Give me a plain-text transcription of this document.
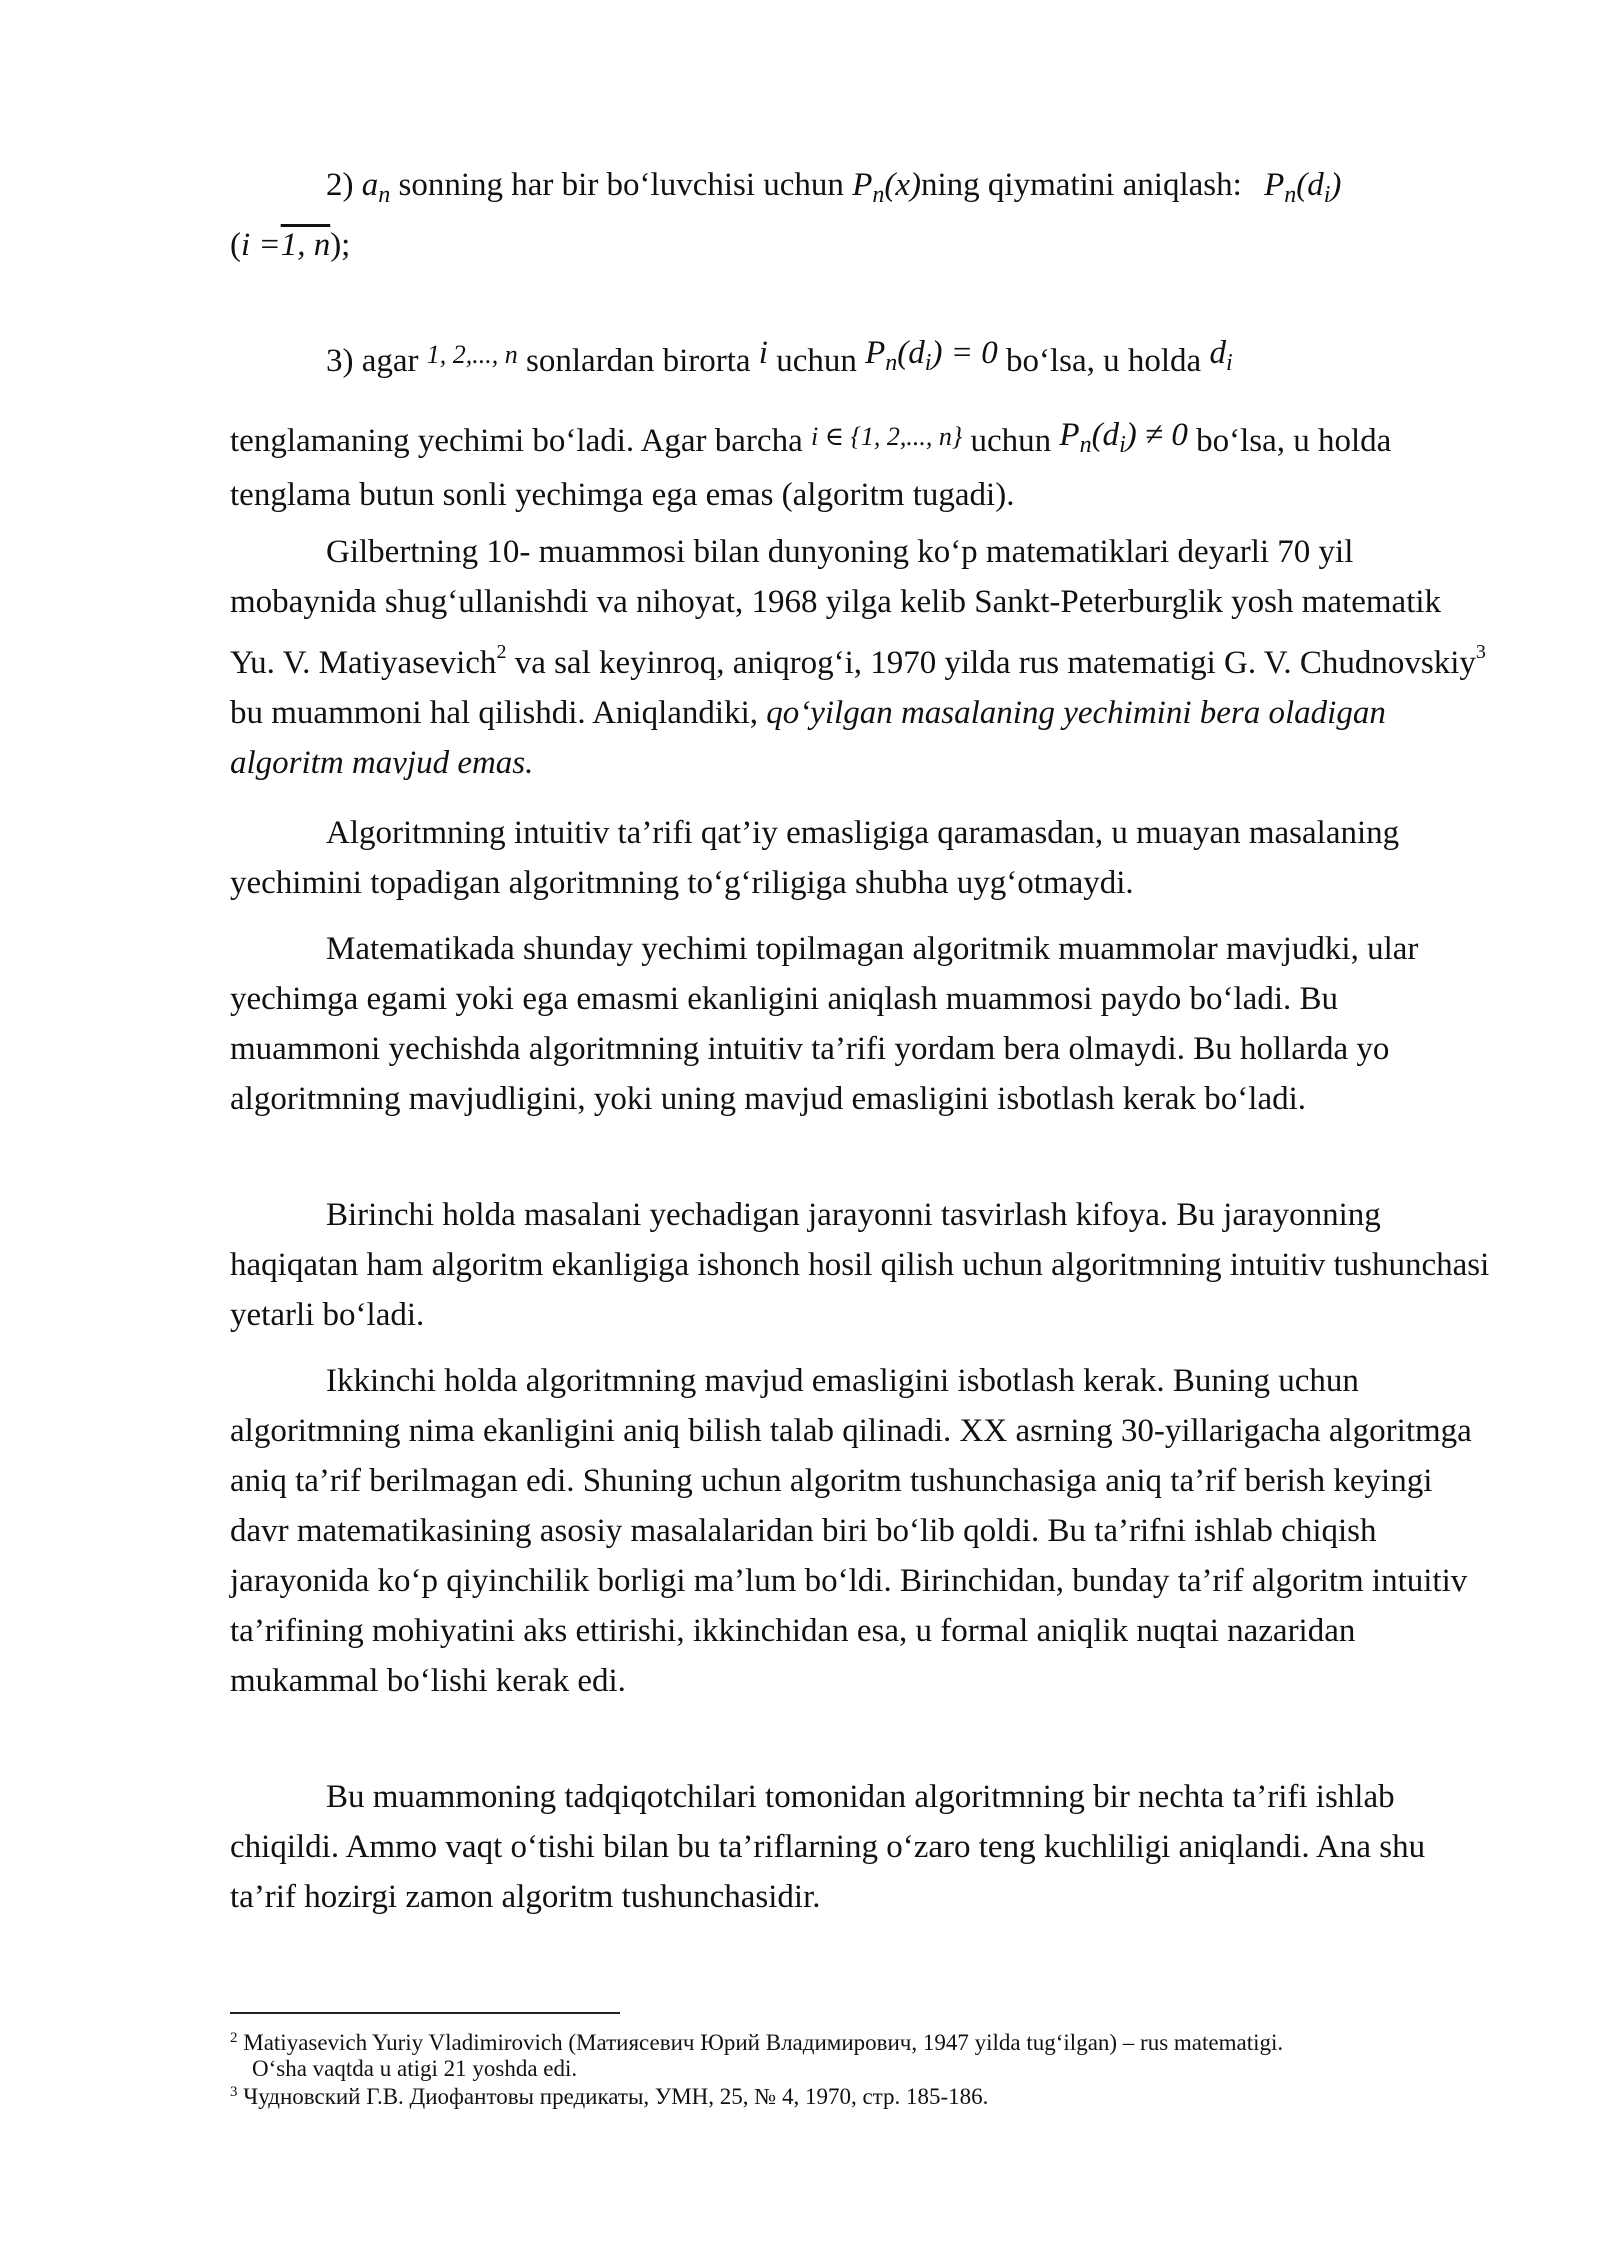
2) $a_n$ sonning har bir bo‘luvchisi uchun $P_n(x)ning$ qiymatini aniqlash: $P_n(d_i)$
(i =1, n);
3) agar $^{1, 2,..., n}$ sonlardan birorta i uchun $P_n(d_i) = 0$ bo‘lsa, u holda $d_i$
tenglamaning yechimi bo‘ladi. Agar barcha i ∈ {1, 2,..., n} uchun $P_n(d_i) \ne 0$ bo‘lsa, u holda tenglama butun sonli yechimga ega emas (algoritm tugadi).
Gilbertning 10- muammosi bilan dunyoning ko‘p matematiklari deyarli 70 yil mobaynida shug‘ullanishdi va nihoyat, 1968 yilga kelib Sankt-Peterburglik yosh matematik Yu. V. Matiyasevich$^2$ va sal keyinroq, aniqrog‘i, 1970 yilda rus matematigi G. V. Chudnovskiy$^3$ bu muammoni hal qilishdi. Aniqlandiki, qo‘yilgan masalaning yechimini bera oladigan algoritm mavjud emas.
Algoritmning intuitiv ta’rifi qat’iy emasligiga qaramasdan, u muayan masalaning yechimini topadigan algoritmning to‘g‘riligiga shubha uyg‘otmaydi.
Matematikada shunday yechimi topilmagan algoritmik muammolar mavjudki, ular yechimga egami yoki ega emasmi ekanligini aniqlash muammosi paydo bo‘ladi. Bu muammoni yechishda algoritmning intuitiv ta’rifi yordam bera olmaydi. Bu hollarda yo algoritmning mavjudligini, yoki uning mavjud emasligini isbotlash kerak bo‘ladi.
Birinchi holda masalani yechadigan jarayonni tasvirlash kifoya. Bu jarayonning haqiqatan ham algoritm ekanligiga ishonch hosil qilish uchun algoritmning intuitiv tushunchasi yetarli bo‘ladi.
Ikkinchi holda algoritmning mavjud emasligini isbotlash kerak. Buning uchun algoritmning nima ekanligini aniq bilish talab qilinadi. XX asrning 30-yillarigacha algoritmga aniq ta’rif berilmagan edi. Shuning uchun algoritm tushunchasiga aniq ta’rif berish keyingi davr matematikasining asosiy masalalaridan biri bo‘lib qoldi. Bu ta’rifni ishlab chiqish jarayonida ko‘p qiyinchilik borligi ma’lum bo‘ldi. Birinchidan, bunday ta’rif algoritm intuitiv ta’rifining mohiyatini aks ettirishi, ikkinchidan esa, u formal aniqlik nuqtai nazaridan mukammal bo‘lishi kerak edi.
Bu muammoning tadqiqotchilari tomonidan algoritmning bir nechta ta’rifi ishlab chiqildi. Ammo vaqt o‘tishi bilan bu ta’riflarning o‘zaro teng kuchliligi aniqlandi. Ana shu ta’rif hozirgi zamon algoritm tushunchasidir.
$^2$ Matiyasevich Yuriy Vladimirovich (Матиясевич Юрий Владимирович, 1947 yilda tug‘ilgan) – rus matematigi.
O‘sha vaqtda u atigi 21 yoshda edi.
$^3$ Чудновский Г.В. Диофантовы предикаты, УМН, 25, № 4, 1970, стр. 185-186.
